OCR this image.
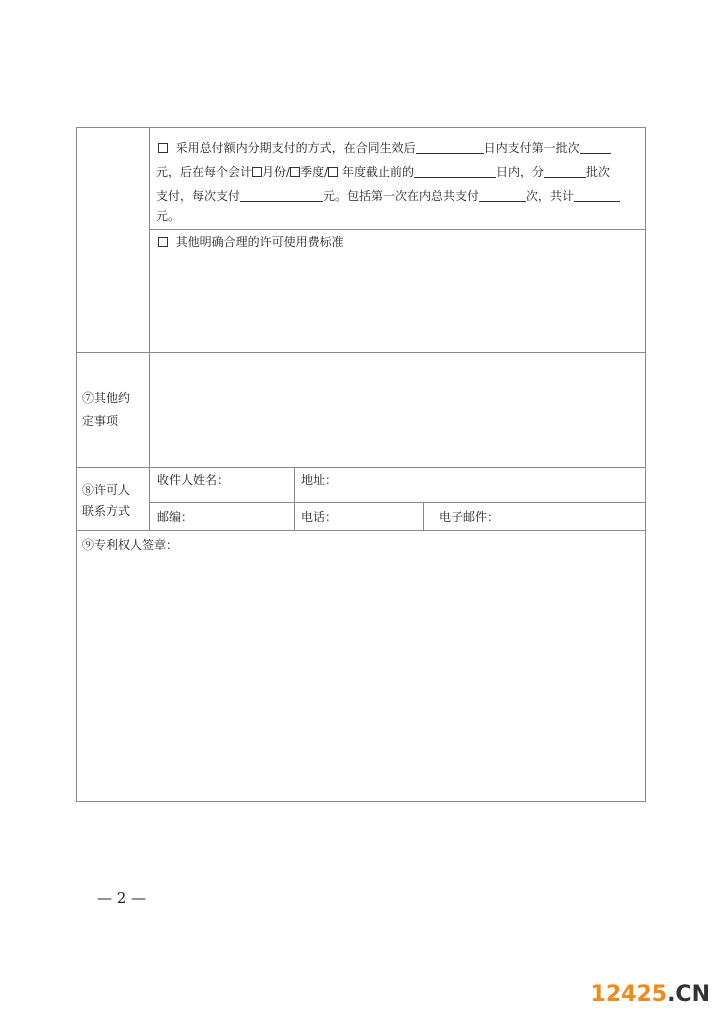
采用总付额内分期支付的方式，在合同生效后	日内支付第一批次
元，后在每个会计 月份/ 季度/ 年度截止前的	日内，分	批次
支付，每次支付	元。包括第一次在内总共支付	次，共计
元。
其他明确合理的许可使用费标准
⑦其他约
定事项
⑧许可人
联系方式
收件人姓名：	地址：
邮编：	电话：	电子邮件：
⑨专利权人签章：
— 2 —
12425.CN
